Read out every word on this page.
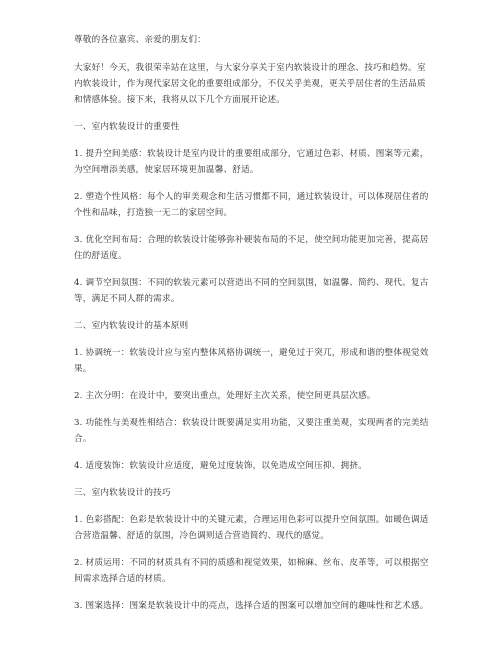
尊敬的各位嘉宾、亲爱的朋友们：

大家好！今天，我很荣幸站在这里，与大家分享关于室内软装设计的理念、技巧和趋势。室内软装设计，作为现代家居文化的重要组成部分，不仅关乎美观，更关乎居住者的生活品质和情感体验。接下来，我将从以下几个方面展开论述。

一、室内软装设计的重要性

1. 提升空间美感：软装设计是室内设计的重要组成部分，它通过色彩、材质、图案等元素，为空间增添美感，使家居环境更加温馨、舒适。

2. 塑造个性风格：每个人的审美观念和生活习惯都不同，通过软装设计，可以体现居住者的个性和品味，打造独一无二的家居空间。

3. 优化空间布局：合理的软装设计能够弥补硬装布局的不足，使空间功能更加完善，提高居住的舒适度。

4. 调节空间氛围：不同的软装元素可以营造出不同的空间氛围，如温馨、简约、现代、复古等，满足不同人群的需求。

二、室内软装设计的基本原则

1. 协调统一：软装设计应与室内整体风格协调统一，避免过于突兀，形成和谐的整体视觉效果。

2. 主次分明：在设计中，要突出重点，处理好主次关系，使空间更具层次感。

3. 功能性与美观性相结合：软装设计既要满足实用功能，又要注重美观，实现两者的完美结合。

4. 适度装饰：软装设计应适度，避免过度装饰，以免造成空间压抑、拥挤。

三、室内软装设计的技巧

1. 色彩搭配：色彩是软装设计中的关键元素，合理运用色彩可以提升空间氛围。如暖色调适合营造温馨、舒适的氛围，冷色调则适合营造简约、现代的感觉。

2. 材质运用：不同的材质具有不同的质感和视觉效果，如棉麻、丝布、皮革等，可以根据空间需求选择合适的材质。

3. 图案选择：图案是软装设计中的亮点，选择合适的图案可以增加空间的趣味性和艺术感。
